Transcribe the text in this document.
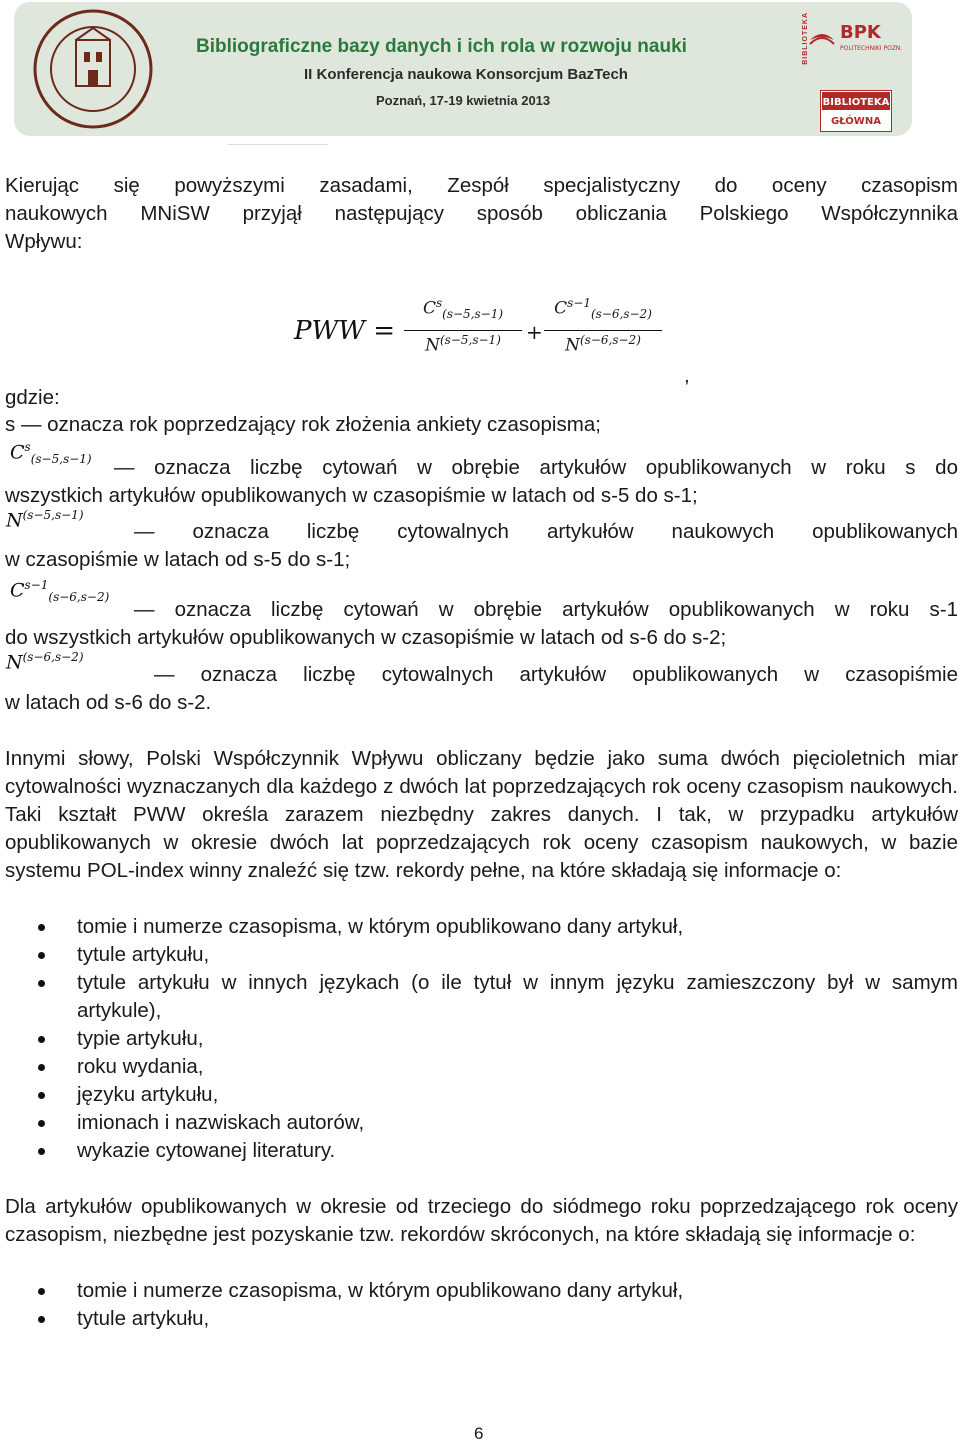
Bibliograficzne bazy danych i ich rola w rozwoju nauki
II Konferencja naukowa Konsorcjum BazTech
Poznań, 17-19 kwietnia 2013
BPK
POLITECHNIKI POZN.
BIBLIOTEKA
BIBLIOTEKA
GŁÓWNA
Kierując się powyższymi zasadami, Zespół specjalistyczny do oceny czasopism
naukowych MNiSW przyjął następujący sposób obliczania Polskiego Współczynnika
Wpływu:
PWW =
$C^s_{(s-5,s-1)}$
$N^{(s-5,s-1)}$	+
$C^{s-1}_{(s-6,s-2)}$
$N^{(s-6,s-2)}$
,
gdzie:
s — oznacza rok poprzedzający rok złożenia ankiety czasopisma;
$C^s_{(s-5,s-1)}$ — oznacza liczbę cytowań w obrębie artykułów opublikowanych w roku s do
wszystkich artykułów opublikowanych w czasopiśmie w latach od s-5 do s-1;
$N^{(s-5,s-1)}$
— oznacza liczbę cytowalnych artykułów naukowych opublikowanych
w czasopiśmie w latach od s-5 do s-1;
$C^{s-1}_{(s-6,s-2)}$
— oznacza liczbę cytowań w obrębie artykułów opublikowanych w roku s-1
do wszystkich artykułów opublikowanych w czasopiśmie w latach od s-6 do s-2;
$N^{(s-6,s-2)}$
— oznacza liczbę cytowalnych artykułów opublikowanych w czasopiśmie
w latach od s-6 do s-2.
Innymi słowy, Polski Współczynnik Wpływu obliczany będzie jako suma dwóch pięcioletnich miar cytowalności wyznaczanych dla każdego z dwóch lat poprzedzających rok oceny czasopism naukowych. Taki kształt PWW określa zarazem niezbędny zakres danych. I tak, w przypadku artykułów opublikowanych w okresie dwóch lat poprzedzających rok oceny czasopism naukowych, w bazie systemu POL-index winny znaleźć się tzw. rekordy pełne, na które składają się informacje o:
tomie i numerze czasopisma, w którym opublikowano dany artykuł,
tytule artykułu,
tytule artykułu w innych językach (o ile tytuł w innym języku zamieszczony był w samym artykule),
typie artykułu,
roku wydania,
języku artykułu,
imionach i nazwiskach autorów,
wykazie cytowanej literatury.
Dla artykułów opublikowanych w okresie od trzeciego do siódmego roku poprzedzającego rok oceny czasopism, niezbędne jest pozyskanie tzw. rekordów skróconych, na które składają się informacje o:
tomie i numerze czasopisma, w którym opublikowano dany artykuł,
tytule artykułu,
6
